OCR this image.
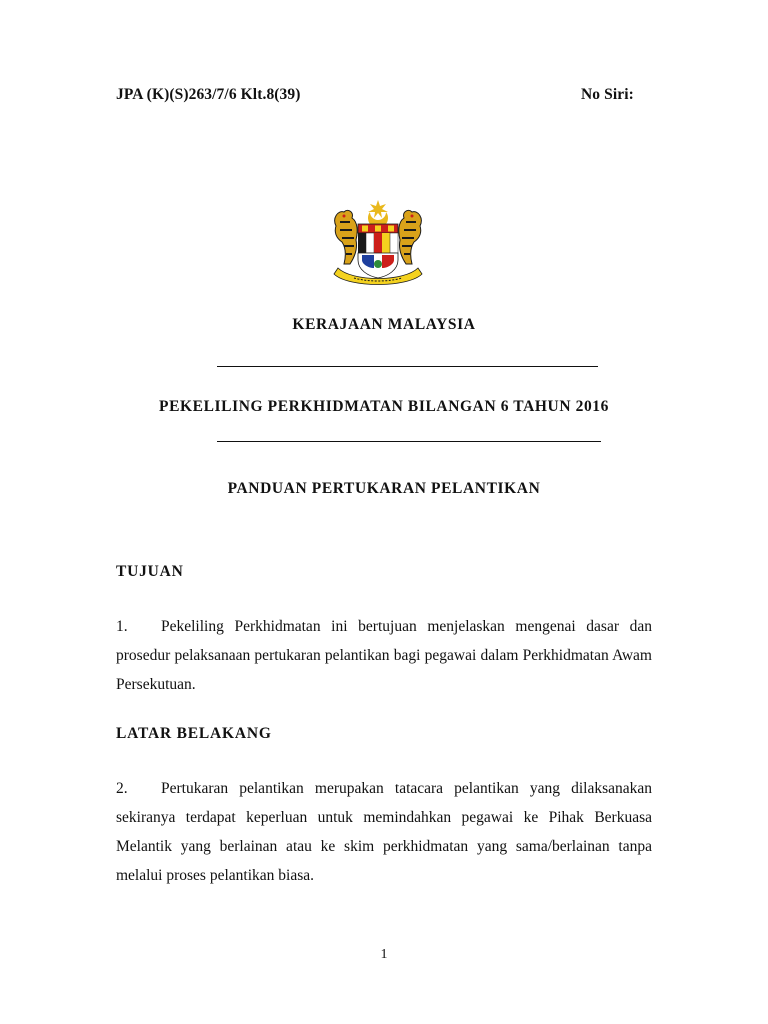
JPA (K)(S)263/7/6 Klt.8(39)	No Siri:
KERAJAAN MALAYSIA
PEKELILING PERKHIDMATAN BILANGAN 6 TAHUN 2016
PANDUAN PERTUKARAN PELANTIKAN
TUJUAN
1. Pekeliling Perkhidmatan ini bertujuan menjelaskan mengenai dasar dan prosedur pelaksanaan pertukaran pelantikan bagi pegawai dalam Perkhidmatan Awam Persekutuan.
LATAR BELAKANG
2. Pertukaran pelantikan merupakan tatacara pelantikan yang dilaksanakan sekiranya terdapat keperluan untuk memindahkan pegawai ke Pihak Berkuasa Melantik yang berlainan atau ke skim perkhidmatan yang sama/berlainan tanpa melalui proses pelantikan biasa.
1
